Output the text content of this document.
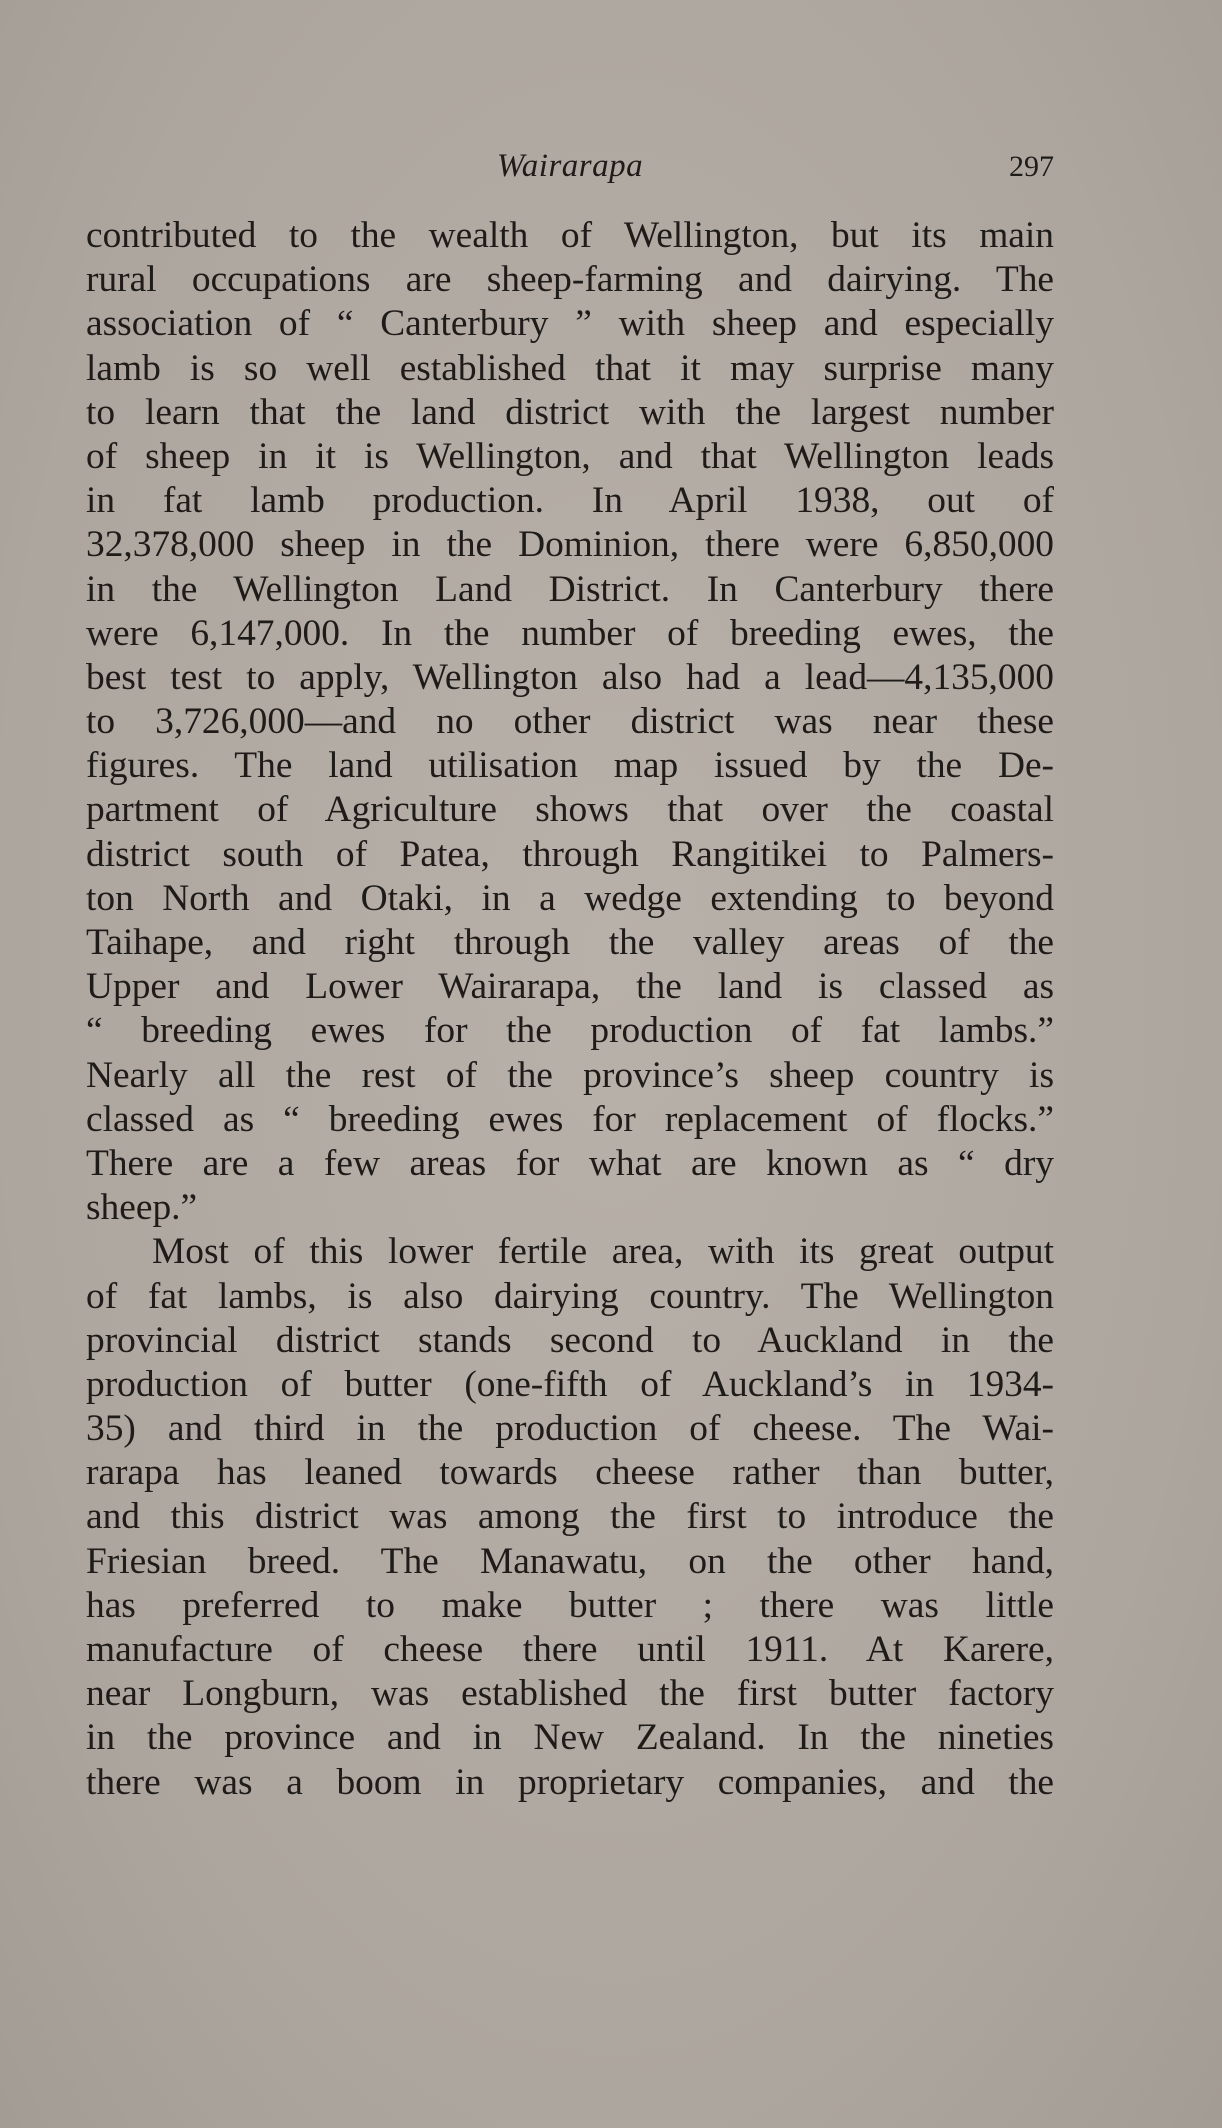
Wairarapa	297

contributed to the wealth of Wellington, but its main
rural occupations are sheep-farming and dairying. The
association of “ Canterbury ” with sheep and especially
lamb is so well established that it may surprise many
to learn that the land district with the largest number
of sheep in it is Wellington, and that Wellington leads
in fat lamb production. In April 1938, out of
32,378,000 sheep in the Dominion, there were 6,850,000
in the Wellington Land District. In Canterbury there
were 6,147,000. In the number of breeding ewes, the
best test to apply, Wellington also had a lead—4,135,000
to 3,726,000—and no other district was near these
figures. The land utilisation map issued by the De-
partment of Agriculture shows that over the coastal
district south of Patea, through Rangitikei to Palmers-
ton North and Otaki, in a wedge extending to beyond
Taihape, and right through the valley areas of the
Upper and Lower Wairarapa, the land is classed as
“ breeding ewes for the production of fat lambs.”
Nearly all the rest of the province’s sheep country is
classed as “ breeding ewes for replacement of flocks.”
There are a few areas for what are known as “ dry
sheep.”

Most of this lower fertile area, with its great output
of fat lambs, is also dairying country. The Wellington
provincial district stands second to Auckland in the
production of butter (one-fifth of Auckland’s in 1934-
35) and third in the production of cheese. The Wai-
rarapa has leaned towards cheese rather than butter,
and this district was among the first to introduce the
Friesian breed. The Manawatu, on the other hand,
has preferred to make butter ; there was little
manufacture of cheese there until 1911. At Karere,
near Longburn, was established the first butter factory
in the province and in New Zealand. In the nineties
there was a boom in proprietary companies, and the
